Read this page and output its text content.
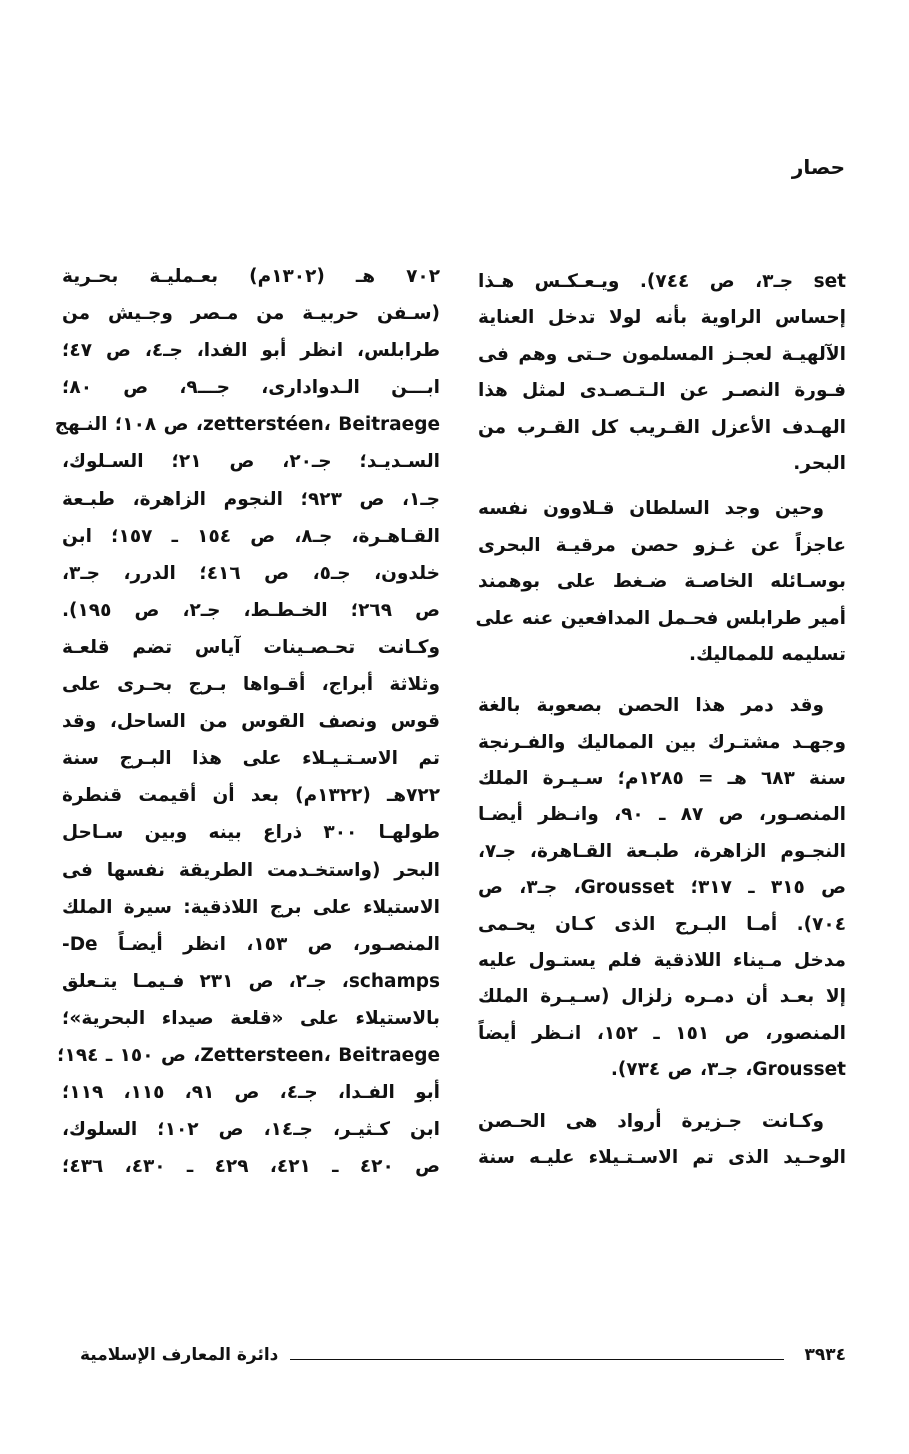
حصار
set جـ٣، ص ٧٤٤). ويـعـكـس هـذا
إحساس الراوية بأنه لولا تدخل العناية
الآلهيـة لعجـز المسلمون حـتى وهم فى
فـورة النصـر عن الـتـصـدى لمثل هذا
الهـدف الأعزل القـريب كل القـرب من
البحر.
وحين وجد السلطان قـلاوون نفسه
عاجزاً عن غـزو حصن مرقيـة البحرى
بوسـائله الخاصـة ضـغط على بوهمند
أمير طرابلس فحـمل المدافعين عنه على
تسليمه للمماليك.
وقد دمر هذا الحصن بصعوبة بالغة
وجهـد مشتـرك بين المماليك والفـرنجة
سنة ٦٨٣ هـ = ١٢٨٥م؛ سـيـرة الملك
المنصـور، ص ٨٧ ـ ٩٠، وانـظر أيضـا
النجـوم الزاهرة، طبـعة القـاهرة، جـ٧،
ص ٣١٥ ـ ٣١٧؛ Grousset، جـ٣، ص
٧٠٤). أمـا البـرج الذى كـان يحـمى
مدخل مـيناء اللاذقية فلم يستـول عليه
إلا بعـد أن دمـره زلزال (سـيـرة الملك
المنصور، ص ١٥١ ـ ١٥٢، انـظر أيضاً
Grousset، جـ٣، ص ٧٣٤).
وكـانت جـزيرة أرواد هى الحـصن
الوحـيد الذى تم الاسـتـيلاء عليـه سنة
٧٠٢ هـ (١٣٠٢م) بعـمليـة بحـرية
(سـفن حربيـة من مـصر وجـيش من
طرابلس، انظر أبو الفدا، جـ٤، ص ٤٧؛
ابـــن الـدواداری، جـــ٩، ص ٨٠؛
zetterstéen، Beitraege، ص ١٠٨؛ النـهج
السـديـد؛ جـ٢٠، ص ٢١؛ السـلوك،
جـ١، ص ٩٢٣؛ النجوم الزاهرة، طبـعة
القـاهـرة، جـ٨، ص ١٥٤ ـ ١٥٧؛ ابن
خلدون، جـ٥، ص ٤١٦؛ الدرر، جـ٣،
ص ٢٦٩؛ الخـطـط، جـ٢، ص ١٩٥).
وكـانت تحـصـينات آياس تضم قلعـة
وثلاثة أبراج، أقـواها بـرج بحـرى على
قوس ونصف القوس من الساحل، وقد
تم الاسـتـيـلاء على هذا البـرج سنة
٧٢٢هـ (١٣٢٢م) بعد أن أقيمت قنطرة
طولهـا ٣٠٠ ذراع بينه وبين سـاحل
البحر (واستخـدمت الطريقة نفسها فى
الاستيلاء على برج اللاذقية: سيرة الملك
المنصـور، ص ١٥٣، انظر أيضـاً De-
schamps، جـ٢، ص ٢٣١ فـيمـا يتـعلق
بالاستيلاء على «قلعة صيداء البحرية»؛
Zettersteen، Beitraege، ص ١٥٠ ـ ١٩٤؛
أبو الفـدا، جـ٤، ص ٩١، ١١٥، ١١٩؛
ابن كـثيـر، جـ١٤، ص ١٠٢؛ السلوك،
ص ٤٢٠ ـ ٤٢١، ٤٢٩ ـ ٤٣٠، ٤٣٦؛
٣٩٣٤
دائرة المعارف الإسلامية
